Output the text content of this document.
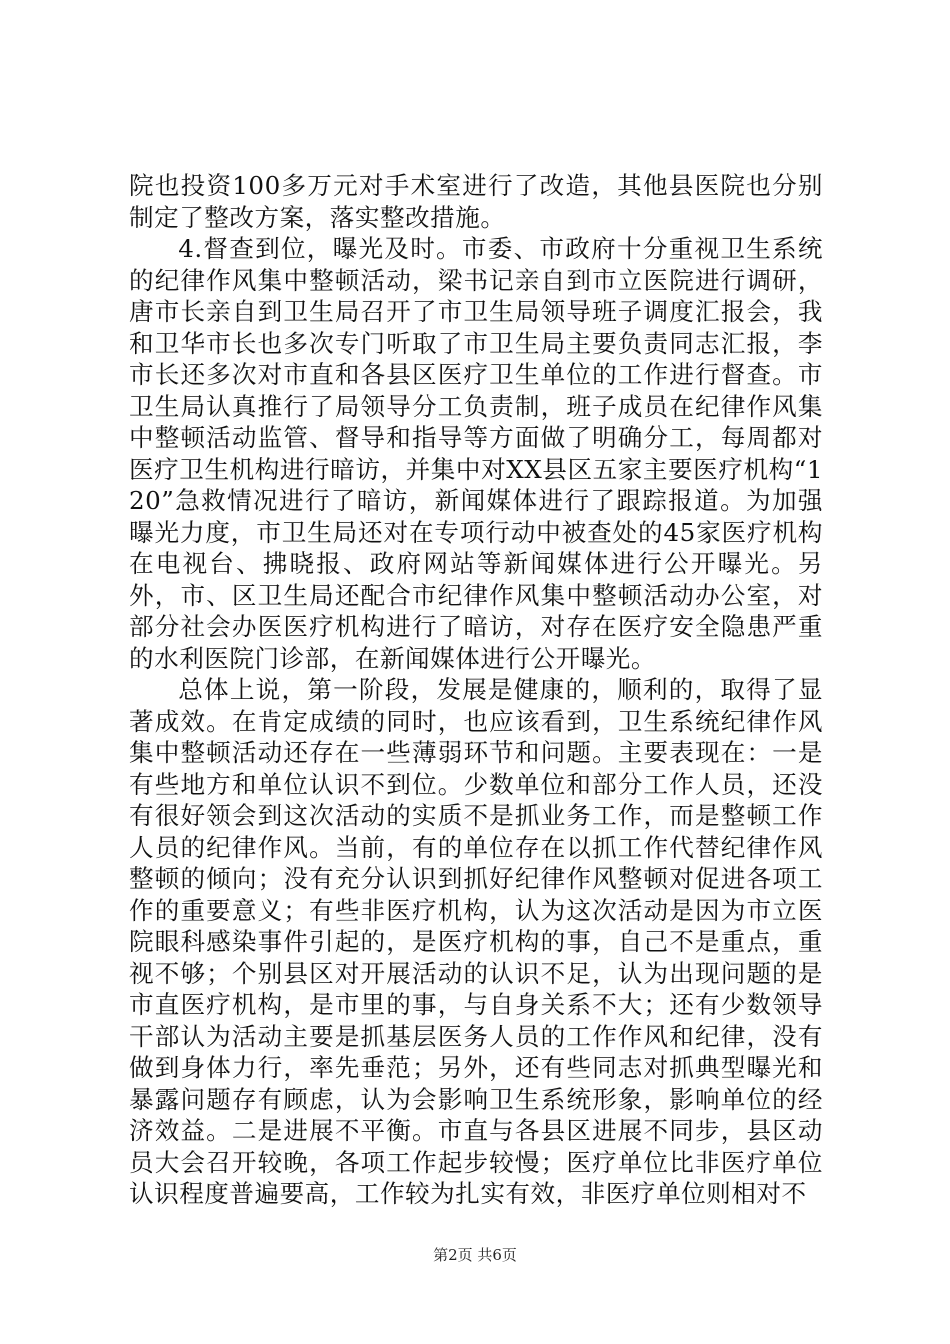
院也投资100多万元对手术室进行了改造，其他县医院也分别制定了整改方案，落实整改措施。

4.督查到位，曝光及时。市委、市政府十分重视卫生系统的纪律作风集中整顿活动，梁书记亲自到市立医院进行调研，唐市长亲自到卫生局召开了市卫生局领导班子调度汇报会，我和卫华市长也多次专门听取了市卫生局主要负责同志汇报，李市长还多次对市直和各县区医疗卫生单位的工作进行督查。市卫生局认真推行了局领导分工负责制，班子成员在纪律作风集中整顿活动监管、督导和指导等方面做了明确分工，每周都对医疗卫生机构进行暗访，并集中对XX县区五家主要医疗机构“120”急救情况进行了暗访，新闻媒体进行了跟踪报道。为加强曝光力度，市卫生局还对在专项行动中被查处的45家医疗机构在电视台、拂晓报、政府网站等新闻媒体进行公开曝光。另外，市、区卫生局还配合市纪律作风集中整顿活动办公室，对部分社会办医医疗机构进行了暗访，对存在医疗安全隐患严重的水利医院门诊部，在新闻媒体进行公开曝光。

总体上说，第一阶段，发展是健康的，顺利的，取得了显著成效。在肯定成绩的同时，也应该看到，卫生系统纪律作风集中整顿活动还存在一些薄弱环节和问题。主要表现在：一是有些地方和单位认识不到位。少数单位和部分工作人员，还没有很好领会到这次活动的实质不是抓业务工作，而是整顿工作人员的纪律作风。当前，有的单位存在以抓工作代替纪律作风整顿的倾向；没有充分认识到抓好纪律作风整顿对促进各项工作的重要意义；有些非医疗机构，认为这次活动是因为市立医院眼科感染事件引起的，是医疗机构的事，自己不是重点，重视不够；个别县区对开展活动的认识不足，认为出现问题的是市直医疗机构，是市里的事，与自身关系不大；还有少数领导干部认为活动主要是抓基层医务人员的工作作风和纪律，没有做到身体力行，率先垂范；另外，还有些同志对抓典型曝光和暴露问题存有顾虑，认为会影响卫生系统形象，影响单位的经济效益。二是进展不平衡。市直与各县区进展不同步，县区动员大会召开较晚，各项工作起步较慢；医疗单位比非医疗单位认识程度普遍要高，工作较为扎实有效，非医疗单位则相对不

第2页 共6页
